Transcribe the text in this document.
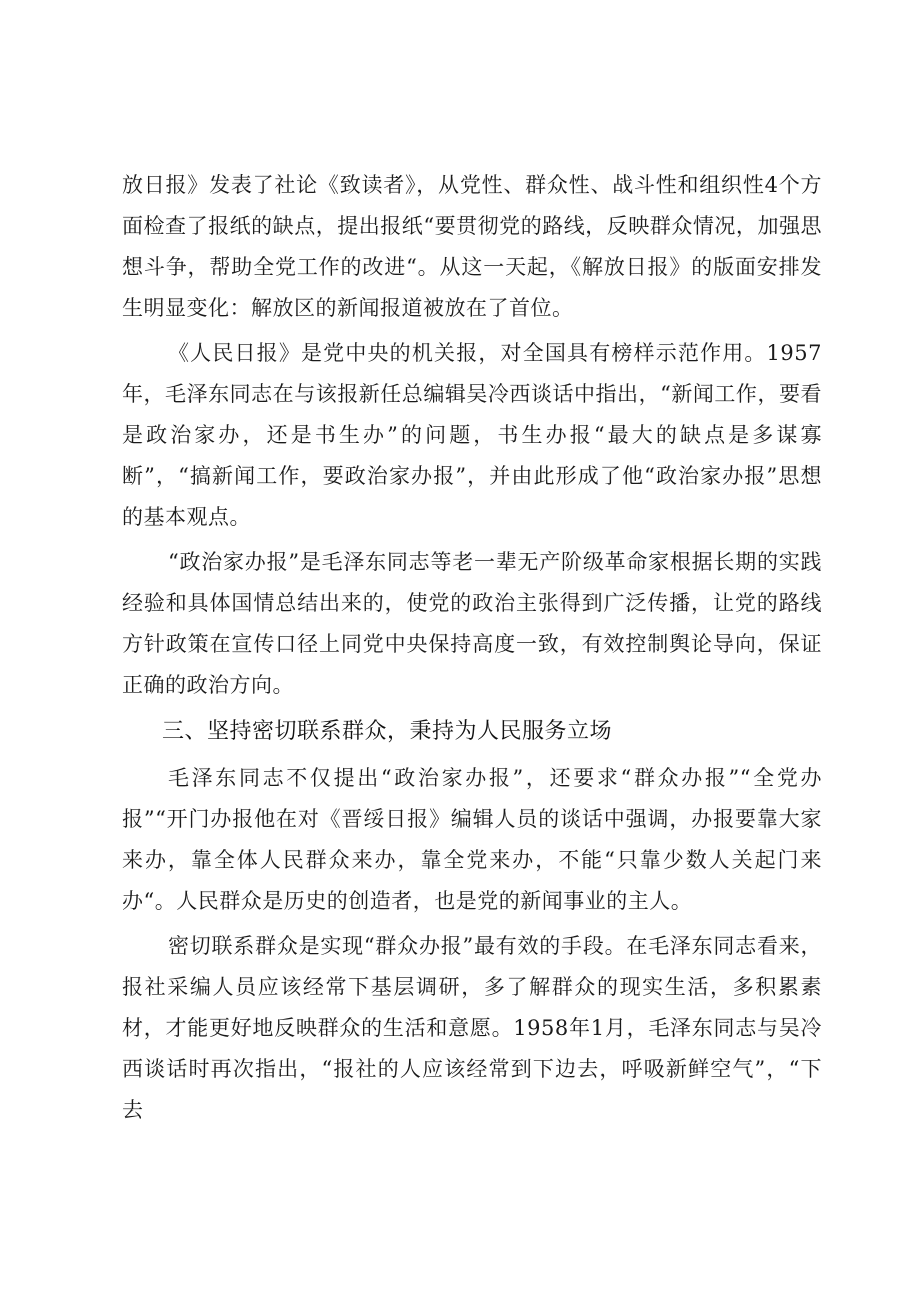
放日报》发表了社论《致读者》，从党性、群众性、战斗性和组织性4个方面检查了报纸的缺点，提出报纸“要贯彻党的路线，反映群众情况，加强思想斗争，帮助全党工作的改进“。从这一天起，《解放日报》的版面安排发生明显变化：解放区的新闻报道被放在了首位。

《人民日报》是党中央的机关报，对全国具有榜样示范作用。1957年，毛泽东同志在与该报新任总编辑吴冷西谈话中指出，“新闻工作，要看是政治家办，还是书生办”的问题，书生办报“最大的缺点是多谋寡断”，“搞新闻工作，要政治家办报”，并由此形成了他“政治家办报”思想的基本观点。

“政治家办报”是毛泽东同志等老一辈无产阶级革命家根据长期的实践经验和具体国情总结出来的，使党的政治主张得到广泛传播，让党的路线方针政策在宣传口径上同党中央保持高度一致，有效控制舆论导向，保证正确的政治方向。

三、坚持密切联系群众，秉持为人民服务立场

毛泽东同志不仅提出“政治家办报”，还要求“群众办报”“全党办报”“开门办报他在对《晋绥日报》编辑人员的谈话中强调，办报要靠大家来办，靠全体人民群众来办，靠全党来办，不能“只靠少数人关起门来办“。人民群众是历史的创造者，也是党的新闻事业的主人。

密切联系群众是实现“群众办报”最有效的手段。在毛泽东同志看来，报社采编人员应该经常下基层调研，多了解群众的现实生活，多积累素材，才能更好地反映群众的生活和意愿。1958年1月，毛泽东同志与吴冷西谈话时再次指出，“报社的人应该经常到下边去，呼吸新鲜空气”，“下去
